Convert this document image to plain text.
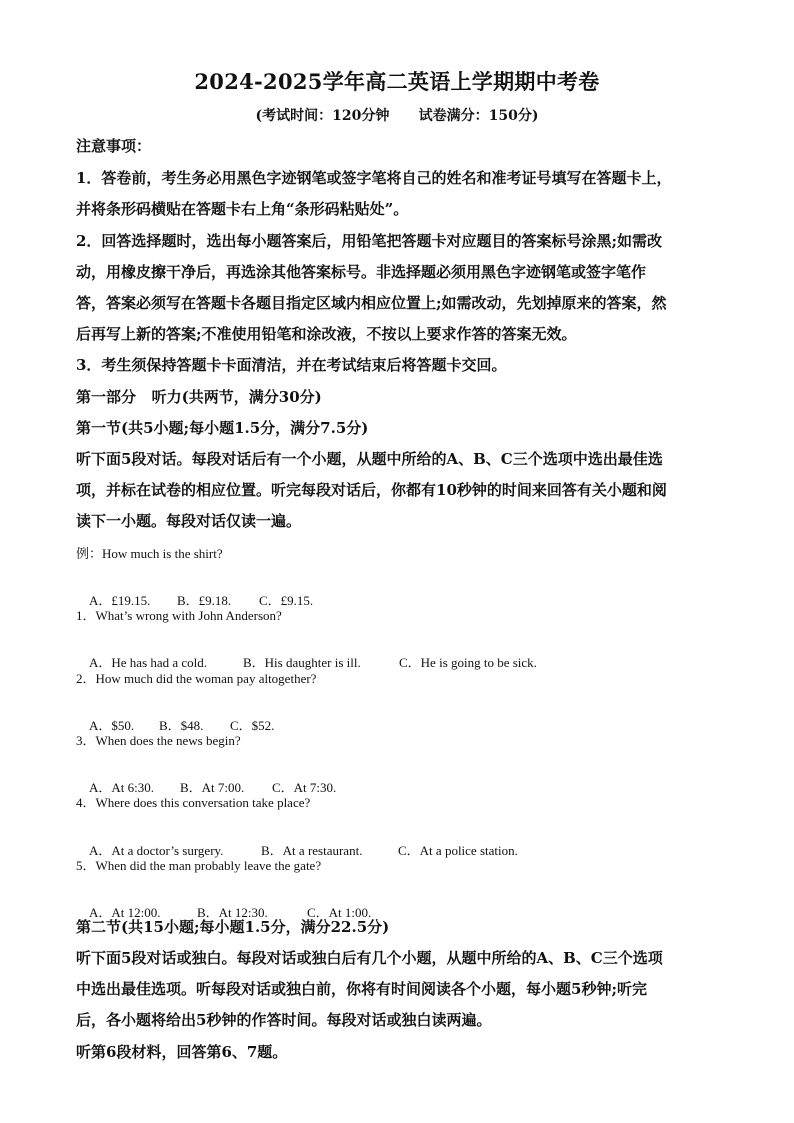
2024-2025学年高二英语上学期期中考卷
(考试时间：120分钟      试卷满分：150分)
注意事项：
1．答卷前，考生务必用黑色字迹钢笔或签字笔将自己的姓名和准考证号填写在答题卡上，
并将条形码横贴在答题卡右上角“条形码粘贴处”。
2．回答选择题时，选出每小题答案后，用铅笔把答题卡对应题目的答案标号涂黑;如需改
动，用橡皮擦干净后，再选涂其他答案标号。非选择题必须用黑色字迹钢笔或签字笔作
答，答案必须写在答题卡各题目指定区域内相应位置上;如需改动，先划掉原来的答案，然
后再写上新的答案;不准使用铅笔和涂改液，不按以上要求作答的答案无效。
3．考生须保持答题卡卡面清洁，并在考试结束后将答题卡交回。
第一部分   听力(共两节，满分30分)
第一节(共5小题;每小题1.5分，满分7.5分)
听下面5段对话。每段对话后有一个小题，从题中所给的A、B、C三个选项中选出最佳选
项，并标在试卷的相应位置。听完每段对话后，你都有10秒钟的时间来回答有关小题和阅
读下一小题。每段对话仅读一遍。
例：How much is the shirt?

A．£19.15. B．£9.18. C．£9.15.

1．What’s wrong with John Anderson?

A．He has had a cold.	B．His daughter is ill.	C．He is going to be sick.

2．How much did the woman pay altogether?

A．$50. B．$48. C．$52.

3．When does the news begin?

A．At 6:30. B．At 7:00. C．At 7:30.

4．Where does this conversation take place?

A．At a doctor’s surgery.	B．At a restaurant.	C．At a police station.

5．When did the man probably leave the gate?

A．At 12:00.	B．At 12:30.	C．At 1:00.

第二节(共15小题;每小题1.5分，满分22.5分)
听下面5段对话或独白。每段对话或独白后有几个小题，从题中所给的A、B、C三个选项
中选出最佳选项。听每段对话或独白前，你将有时间阅读各个小题，每小题5秒钟;听完
后，各小题将给出5秒钟的作答时间。每段对话或独白读两遍。
听第6段材料，回答第6、7题。
